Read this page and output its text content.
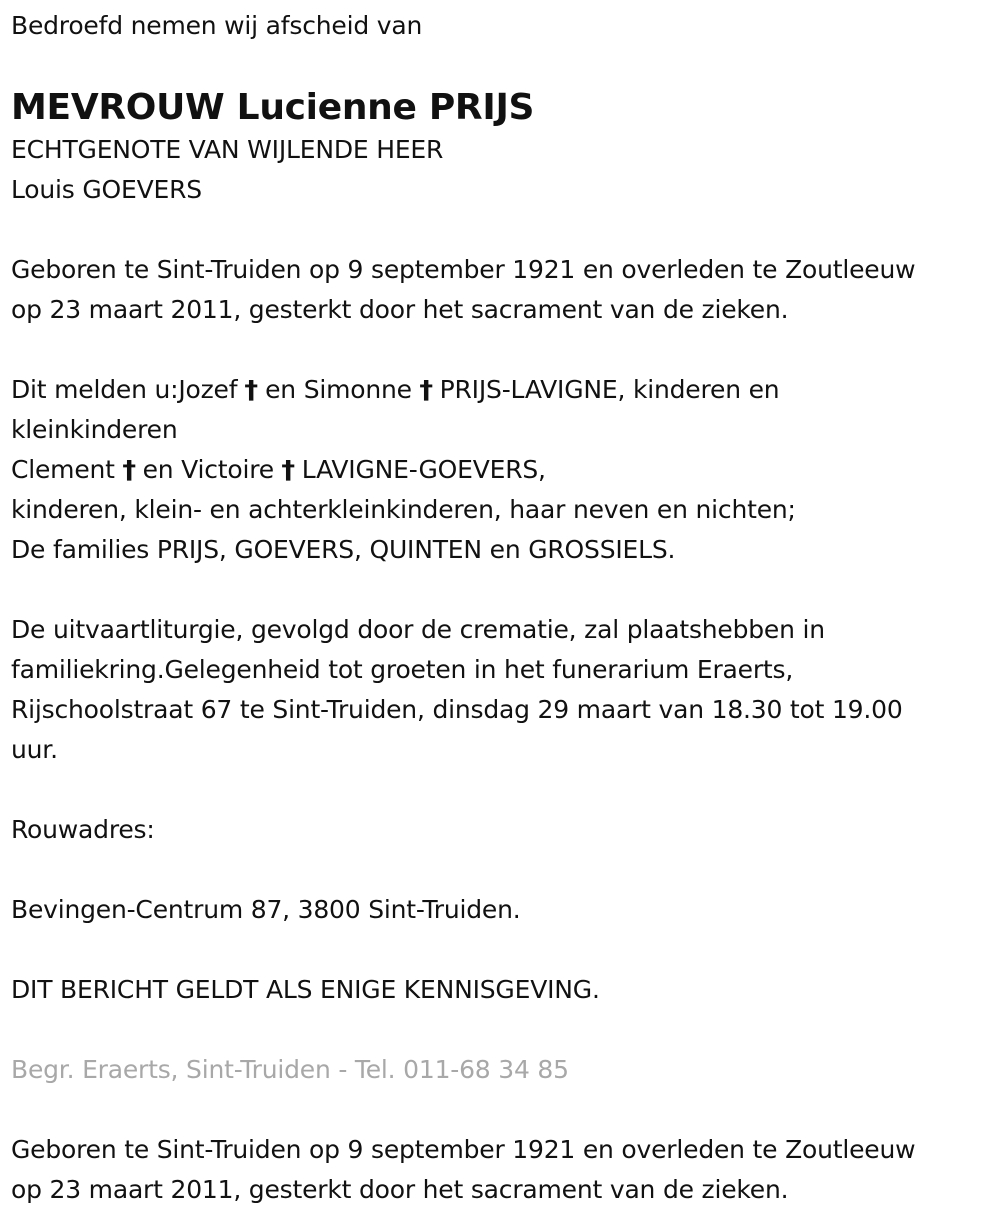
Bedroefd nemen wij afscheid van
MEVROUW Lucienne PRIJS
ECHTGENOTE VAN WIJLENDE HEER
Louis GOEVERS
Geboren te Sint-Truiden op 9 september 1921 en overleden te Zoutleeuw
op 23 maart 2011, gesterkt door het sacrament van de zieken.
Dit melden u:Jozef † en Simonne † PRIJS-LAVIGNE, kinderen en
kleinkinderen
Clement † en Victoire † LAVIGNE-GOEVERS,
kinderen, klein- en achterkleinkinderen, haar neven en nichten;
De families PRIJS, GOEVERS, QUINTEN en GROSSIELS.
De uitvaartliturgie, gevolgd door de crematie, zal plaatshebben in
familiekring.Gelegenheid tot groeten in het funerarium Eraerts,
Rijschoolstraat 67 te Sint-Truiden, dinsdag 29 maart van 18.30 tot 19.00
uur.
Rouwadres:
Bevingen-Centrum 87, 3800 Sint-Truiden.
DIT BERICHT GELDT ALS ENIGE KENNISGEVING.
Begr. Eraerts, Sint-Truiden - Tel. 011-68 34 85
Geboren te Sint-Truiden op 9 september 1921 en overleden te Zoutleeuw
op 23 maart 2011, gesterkt door het sacrament van de zieken.
